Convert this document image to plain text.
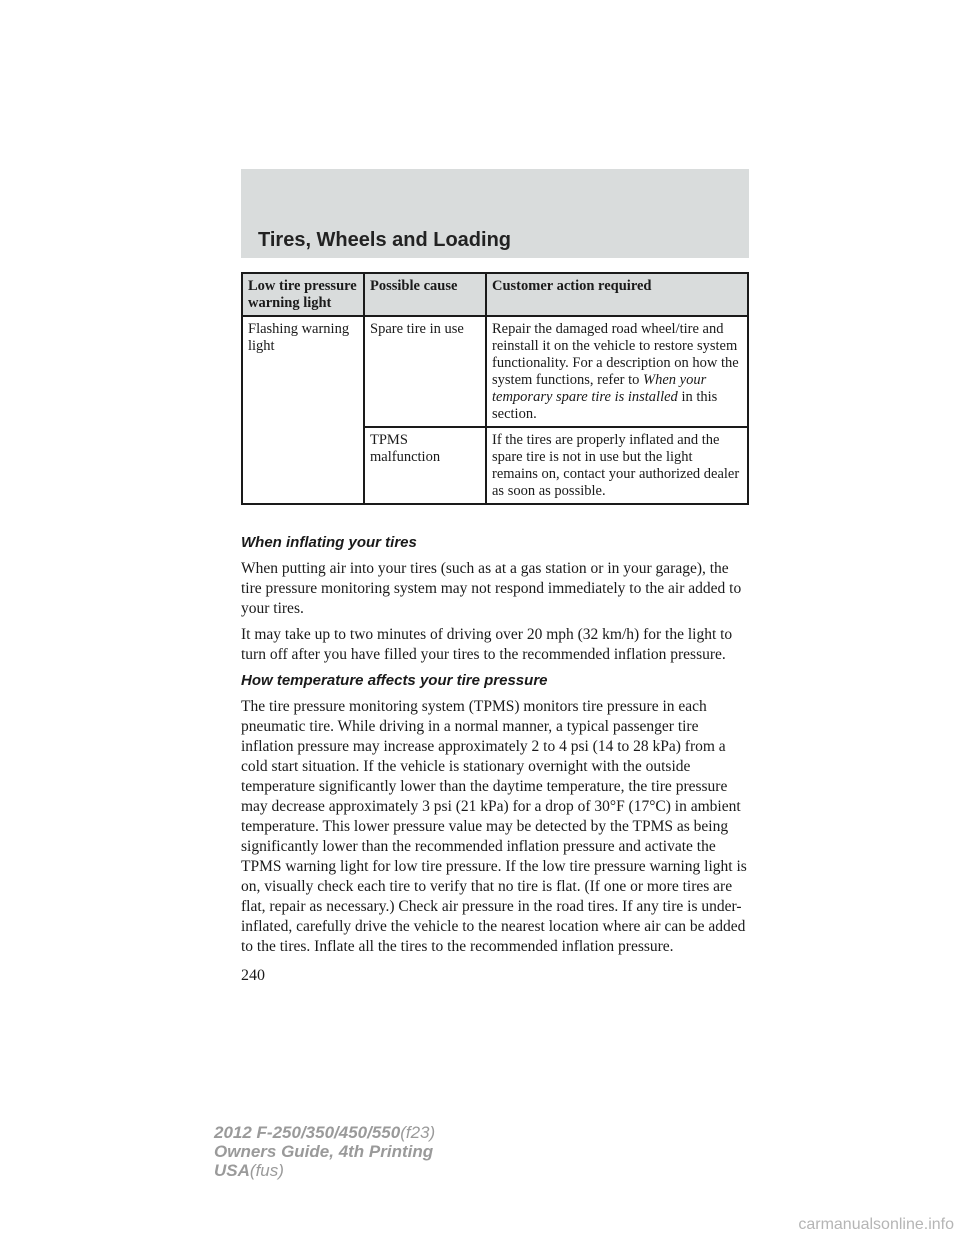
Tires, Wheels and Loading
Low tire pressure warning light	Possible cause	Customer action required
Flashing warning light	Spare tire in use	Repair the damaged road wheel/tire and reinstall it on the vehicle to restore system functionality. For a description on how the system functions, refer to When your temporary spare tire is installed in this section.
	TPMS malfunction	If the tires are properly inflated and the spare tire is not in use but the light remains on, contact your authorized dealer as soon as possible.
When inflating your tires

When putting air into your tires (such as at a gas station or in your garage), the tire pressure monitoring system may not respond immediately to the air added to your tires.

It may take up to two minutes of driving over 20 mph (32 km/h) for the light to turn off after you have filled your tires to the recommended inflation pressure.

How temperature affects your tire pressure

The tire pressure monitoring system (TPMS) monitors tire pressure in each pneumatic tire. While driving in a normal manner, a typical passenger tire inflation pressure may increase approximately 2 to 4 psi (14 to 28 kPa) from a cold start situation. If the vehicle is stationary overnight with the outside temperature significantly lower than the daytime temperature, the tire pressure may decrease approximately 3 psi (21 kPa) for a drop of 30°F (17°C) in ambient temperature. This lower pressure value may be detected by the TPMS as being significantly lower than the recommended inflation pressure and activate the TPMS warning light for low tire pressure. If the low tire pressure warning light is on, visually check each tire to verify that no tire is flat. (If one or more tires are flat, repair as necessary.) Check air pressure in the road tires. If any tire is under-inflated, carefully drive the vehicle to the nearest location where air can be added to the tires. Inflate all the tires to the recommended inflation pressure.

240
2012 F-250/350/450/550(f23)
Owners Guide, 4th Printing
USA(fus)
carmanualsonline.info
